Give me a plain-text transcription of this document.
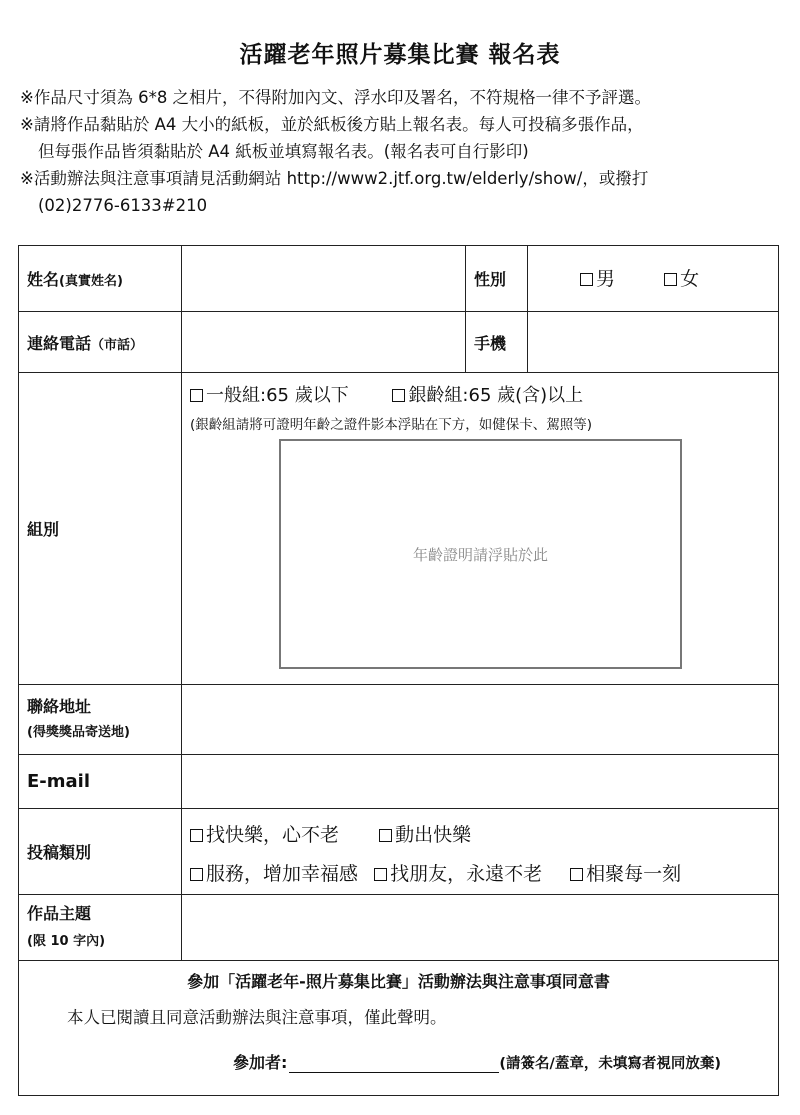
活躍老年照片募集比賽 報名表
※作品尺寸須為 6*8 之相片，不得附加內文、浮水印及署名，不符規格一律不予評選。
※請將作品黏貼於 A4 大小的紙板，並於紙板後方貼上報名表。每人可投稿多張作品，
但每張作品皆須黏貼於 A4 紙板並填寫報名表。(報名表可自行影印)
※活動辦法與注意事項請見活動網站 http://www2.jtf.org.tw/elderly/show/，或撥打
(02)2776-6133#210
姓名(真實姓名)		性別	男 女
連絡電話（市話）		手機	
組別	一般組:65 歲以下 銀齡組:65 歲(含)以上
(銀齡組請將可證明年齡之證件影本浮貼在下方，如健保卡、駕照等)
年齡證明請浮貼於此		

聯絡地址
(得獎獎品寄送地)			

E-mail			
投稿類別	找快樂，心不老 動出快樂
服務，增加幸福感 找朋友，永遠不老 相聚每一刻		

作品主題
(限 10 字內)			

參加「活躍老年-照片募集比賽」活動辦法與注意事項同意書
本人已閱讀且同意活動辦法與注意事項，僅此聲明。
參加者: (請簽名/蓋章，未填寫者視同放棄)			
